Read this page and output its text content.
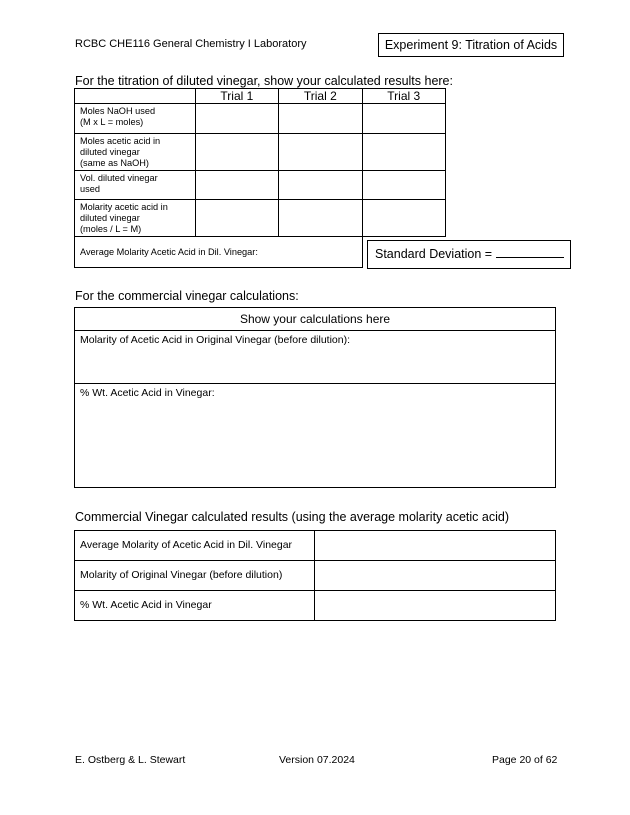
RCBC CHE116 General Chemistry I Laboratory	Experiment 9: Titration of Acids
For the titration of diluted vinegar, show your calculated results here:
	Trial 1	Trial 2	Trial 3

Moles NaOH used
(M x L = moles)			

Moles acetic acid in
diluted vinegar
(same as NaOH)			

Vol. diluted vinegar
used			

Molarity acetic acid in
diluted vinegar
(moles / L = M)			

Average Molarity Acetic Acid in Dil. Vinegar:				Standard Deviation =
For the commercial vinegar calculations:
Show your calculations here
Molarity of Acetic Acid in Original Vinegar (before dilution):
% Wt. Acetic Acid in Vinegar:
Commercial Vinegar calculated results (using the average molarity acetic acid)
Average Molarity of Acetic Acid in Dil. Vinegar	
Molarity of Original Vinegar (before dilution)	
% Wt. Acetic Acid in Vinegar	
E. Ostberg & L. Stewart	Version 07.2024	Page 20 of 62
